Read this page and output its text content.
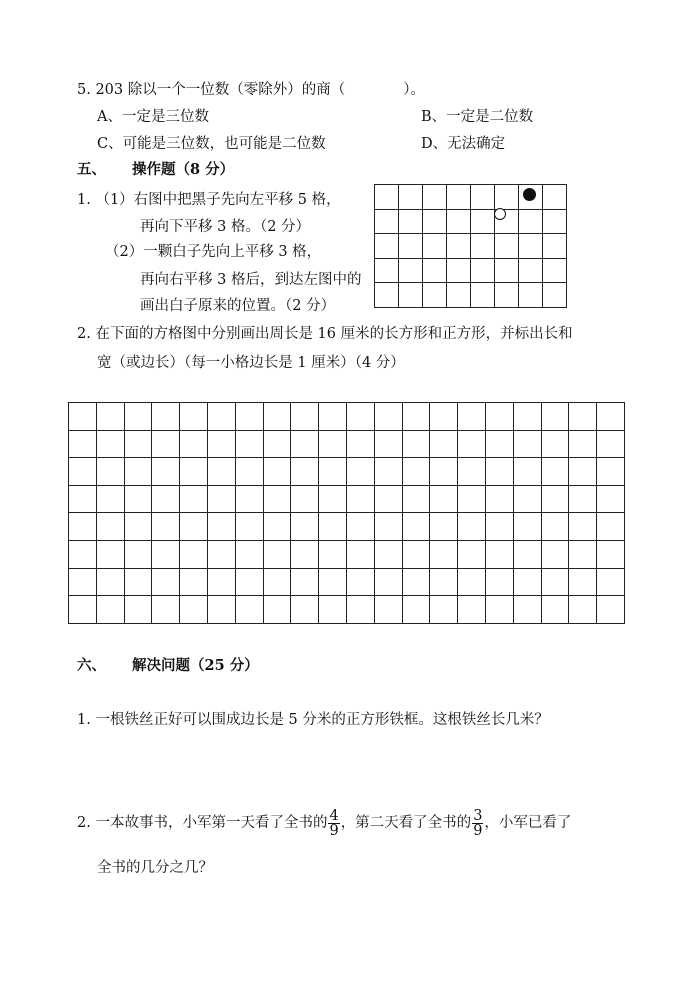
5. 203 除以一个一位数（零除外）的商（　　　　）。
A、一定是三位数	B、一定是二位数
C、可能是三位数，也可能是二位数	D、无法确定
五、 操作题（8 分）
1. （1）右图中把黑子先向左平移 5 格，
再向下平移 3 格。（2 分）
（2）一颗白子先向上平移 3 格，
再向右平移 3 格后，到达左图中的
画出白子原来的位置。（2 分）

2. 在下面的方格图中分别画出周长是 16 厘米的长方形和正方形，并标出长和
宽（或边长）（每一小格边长是 1 厘米）（4 分）

六、 解决问题（25 分）
1. 一根铁丝正好可以围成边长是 5 分米的正方形铁框。这根铁丝长几米？
2. 一本故事书，小军第一天看了全书的 $\frac{4}{9}$ ，第二天看了全书的 $\frac{3}{9}$ ，小军已看了
全书的几分之几？
